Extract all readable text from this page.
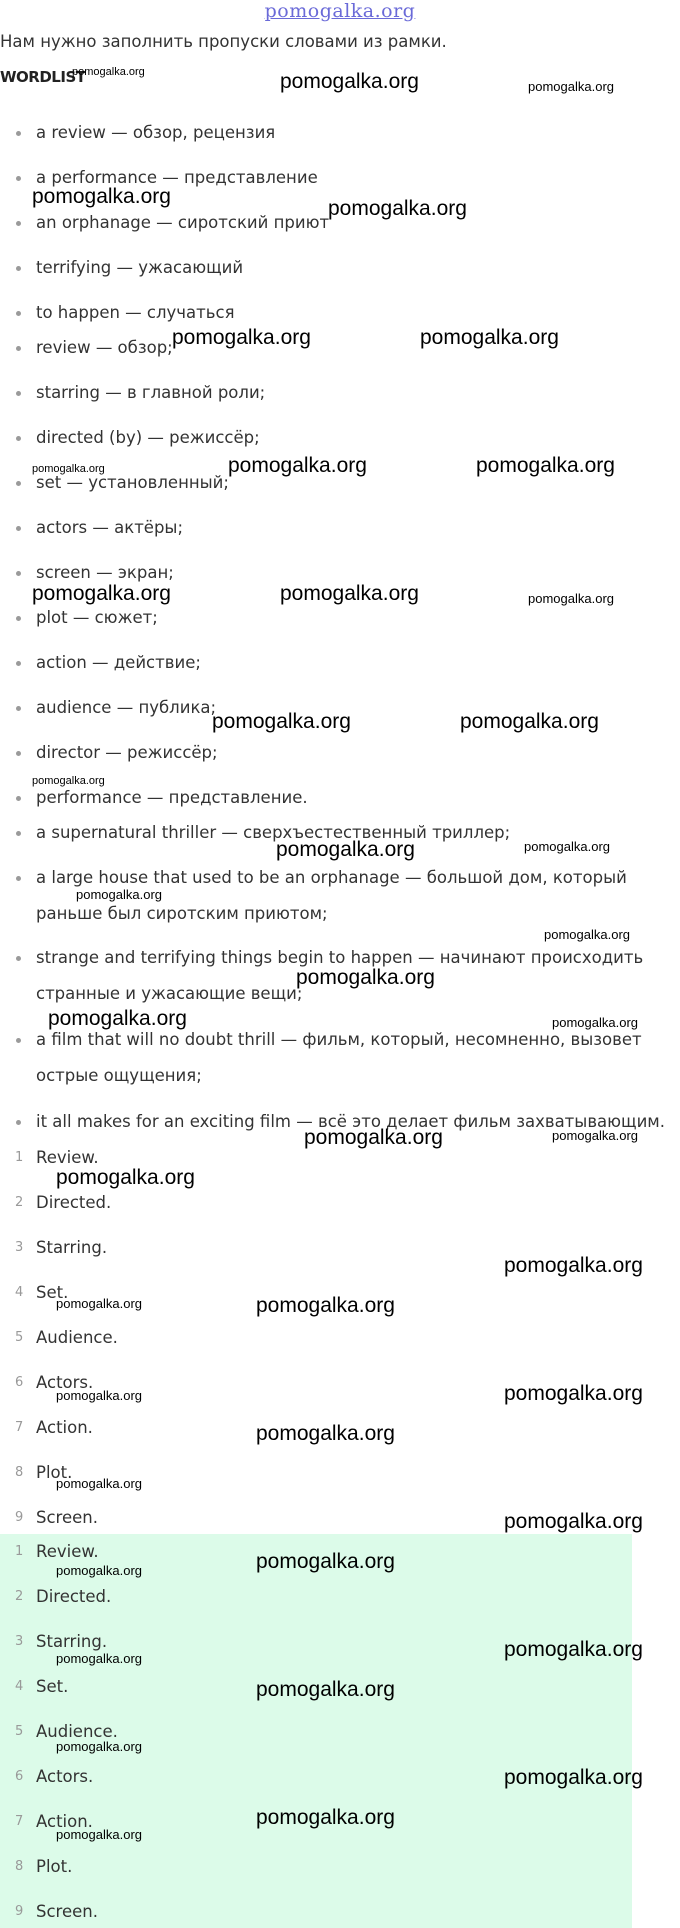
pomogalka.org
Нам нужно заполнить пропуски словами из рамки.
WORDLIST
a review — обзор, рецензия
a performance — представление
an orphanage — сиротский приют
terrifying — ужасающий
to happen — случаться
review — обзор;
starring — в главной роли;
directed (by) — режиссёр;
set — установленный;
actors — актёры;
screen — экран;
plot — сюжет;
action — действие;
audience — публика;
director — режиссёр;
performance — представление.
a supernatural thriller — сверхъестественный триллер;
a large house that used to be an orphanage — большой дом, который
раньше был сиротским приютом;
strange and terrifying things begin to happen — начинают происходить
странные и ужасающие вещи;
a film that will no doubt thrill — фильм, который, несомненно, вызовет
острые ощущения;
it all makes for an exciting film — всё это делает фильм захватывающим.
1 Review.
2 Directed.
3 Starring.
4 Set.
5 Audience.
6 Actors.
7 Action.
8 Plot.
9 Screen.
1 Review.
2 Directed.
3 Starring.
4 Set.
5 Audience.
6 Actors.
7 Action.
8 Plot.
9 Screen.
pomogalka.org	pomogalka.org	pomogalka.org
pomogalka.org
pomogalka.org
pomogalka.org	pomogalka.org
pomogalka.org	pomogalka.org	pomogalka.org
pomogalka.org	pomogalka.org	pomogalka.org
pomogalka.org	pomogalka.org
pomogalka.org
pomogalka.org	pomogalka.org
pomogalka.org
pomogalka.org
pomogalka.org
pomogalka.org	pomogalka.org
pomogalka.org	pomogalka.org
pomogalka.org
pomogalka.org
pomogalka.org	pomogalka.org
pomogalka.org
pomogalka.org
pomogalka.org
pomogalka.org
pomogalka.org
pomogalka.org	pomogalka.org
pomogalka.org
pomogalka.org
pomogalka.org
pomogalka.org
pomogalka.org
pomogalka.org
pomogalka.org
